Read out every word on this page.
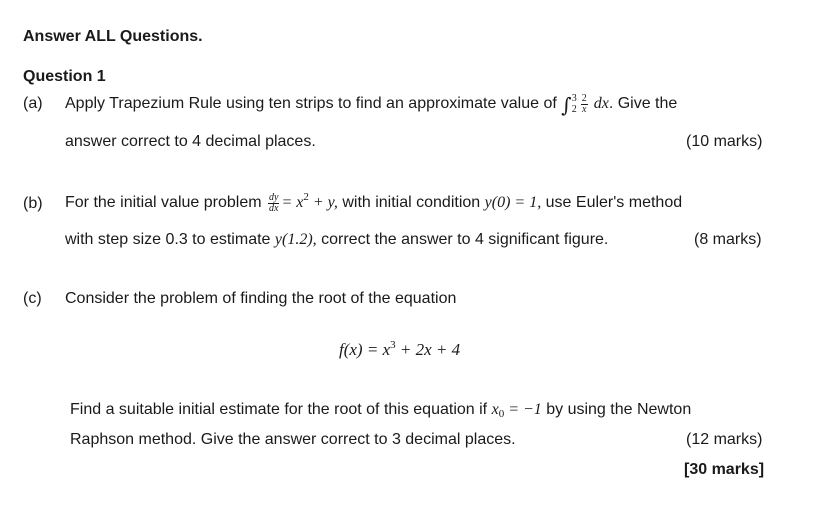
Answer ALL Questions.
Question 1
(a) Apply Trapezium Rule using ten strips to find an approximate value of ∫ 3
$2 \frac{2}{x}$ dx. Give the
answer correct to 4 decimal places.	(10 marks)
(b) For the initial value problem $\frac{dy}{dx} = x^2 + y$, with initial condition y(0) = 1, use Euler's method
with step size 0.3 to estimate y(1.2), correct the answer to 4 significant figure.	(8 marks)
(c) Consider the problem of finding the root of the equation
$f(x) = x^3 + 2x + 4$
Find a suitable initial estimate for the root of this equation if $x_0 = -1$ by using the Newton
Raphson method. Give the answer correct to 3 decimal places.	(12 marks)
[30 marks]
